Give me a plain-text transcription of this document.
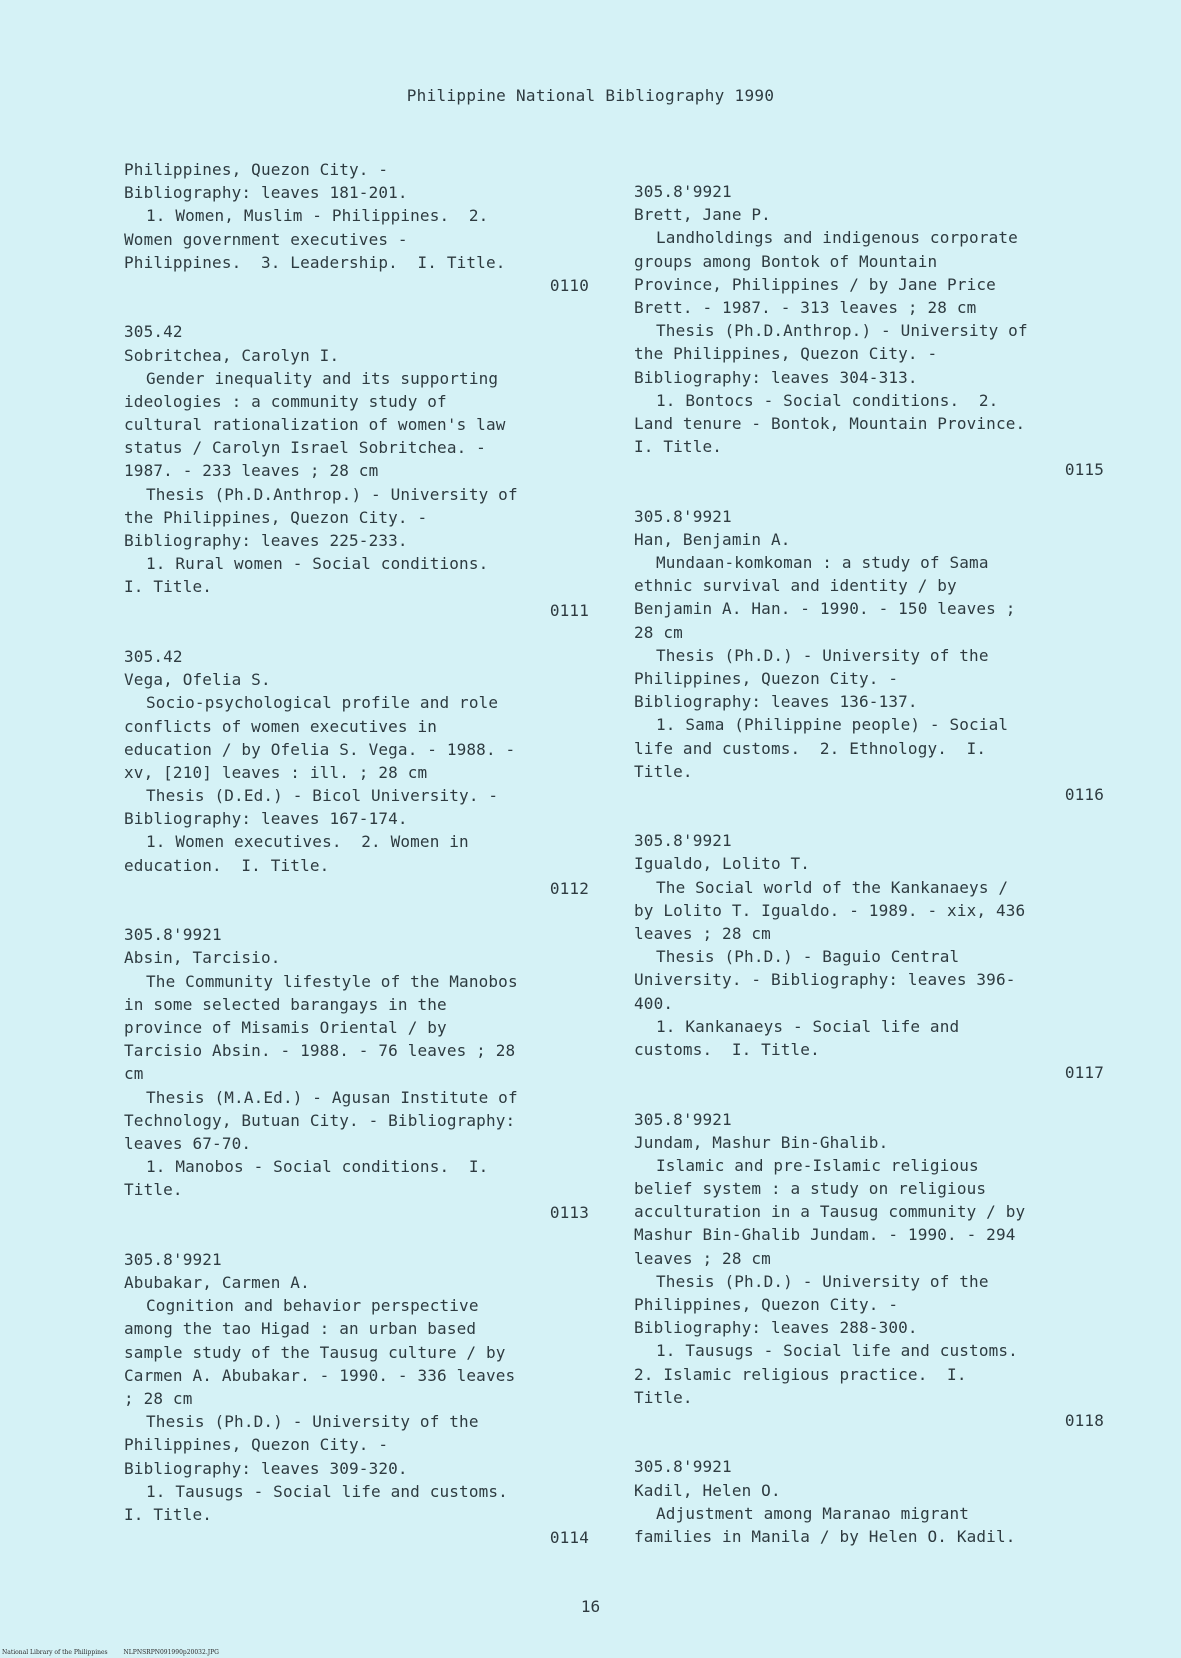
Philippine National Bibliography 1990
Philippines, Quezon City. -
Bibliography: leaves 181-201.
1. Women, Muslim - Philippines.  2.
Women government executives -
Philippines.  3. Leadership.  I. Title.
0110
305.42
Sobritchea, Carolyn I.
Gender inequality and its supporting
ideologies : a community study of
cultural rationalization of women's law
status / Carolyn Israel Sobritchea. -
1987. - 233 leaves ; 28 cm
Thesis (Ph.D.Anthrop.) - University of
the Philippines, Quezon City. -
Bibliography: leaves 225-233.
1. Rural women - Social conditions.
I. Title.
0111
305.42
Vega, Ofelia S.
Socio-psychological profile and role
conflicts of women executives in
education / by Ofelia S. Vega. - 1988. -
xv, [210] leaves : ill. ; 28 cm
Thesis (D.Ed.) - Bicol University. -
Bibliography: leaves 167-174.
1. Women executives.  2. Women in
education.  I. Title.
0112
305.8'9921
Absin, Tarcisio.
The Community lifestyle of the Manobos
in some selected barangays in the
province of Misamis Oriental / by
Tarcisio Absin. - 1988. - 76 leaves ; 28
cm
Thesis (M.A.Ed.) - Agusan Institute of
Technology, Butuan City. - Bibliography:
leaves 67-70.
1. Manobos - Social conditions.  I.
Title.
0113
305.8'9921
Abubakar, Carmen A.
Cognition and behavior perspective
among the tao Higad : an urban based
sample study of the Tausug culture / by
Carmen A. Abubakar. - 1990. - 336 leaves
; 28 cm
Thesis (Ph.D.) - University of the
Philippines, Quezon City. -
Bibliography: leaves 309-320.
1. Tausugs - Social life and customs.
I. Title.
0114
305.8'9921
Brett, Jane P.
Landholdings and indigenous corporate
groups among Bontok of Mountain
Province, Philippines / by Jane Price
Brett. - 1987. - 313 leaves ; 28 cm
Thesis (Ph.D.Anthrop.) - University of
the Philippines, Quezon City. -
Bibliography: leaves 304-313.
1. Bontocs - Social conditions.  2.
Land tenure - Bontok, Mountain Province.
I. Title.
0115
305.8'9921
Han, Benjamin A.
Mundaan-komkoman : a study of Sama
ethnic survival and identity / by
Benjamin A. Han. - 1990. - 150 leaves ;
28 cm
Thesis (Ph.D.) - University of the
Philippines, Quezon City. -
Bibliography: leaves 136-137.
1. Sama (Philippine people) - Social
life and customs.  2. Ethnology.  I.
Title.
0116
305.8'9921
Igualdo, Lolito T.
The Social world of the Kankanaeys /
by Lolito T. Igualdo. - 1989. - xix, 436
leaves ; 28 cm
Thesis (Ph.D.) - Baguio Central
University. - Bibliography: leaves 396-
400.
1. Kankanaeys - Social life and
customs.  I. Title.
0117
305.8'9921
Jundam, Mashur Bin-Ghalib.
Islamic and pre-Islamic religious
belief system : a study on religious
acculturation in a Tausug community / by
Mashur Bin-Ghalib Jundam. - 1990. - 294
leaves ; 28 cm
Thesis (Ph.D.) - University of the
Philippines, Quezon City. -
Bibliography: leaves 288-300.
1. Tausugs - Social life and customs.
2. Islamic religious practice.  I.
Title.
0118
305.8'9921
Kadil, Helen O.
Adjustment among Maranao migrant
families in Manila / by Helen O. Kadil.
16
National Library of the Philippines	NLPNSRPN091990p20032.JPG
